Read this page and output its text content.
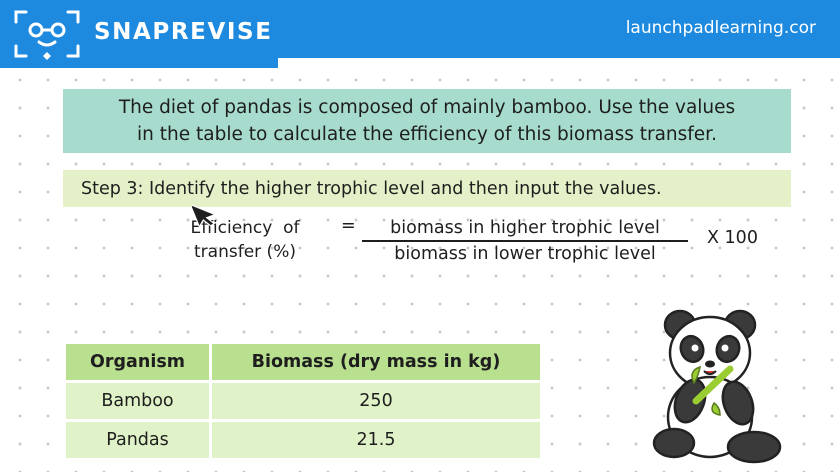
SNAPREVISE	launchpadlearning.cor
The diet of pandas is composed of mainly bamboo. Use the values
in the table to calculate the efficiency of this biomass transfer.
Step 3: Identify the higher trophic level and then input the values.
Efficiency  of
transfer (%)
=	biomass in higher trophic level
biomass in lower trophic level
X 100
Organism	Biomass (dry mass in kg)
Bamboo	250
Pandas	21.5
